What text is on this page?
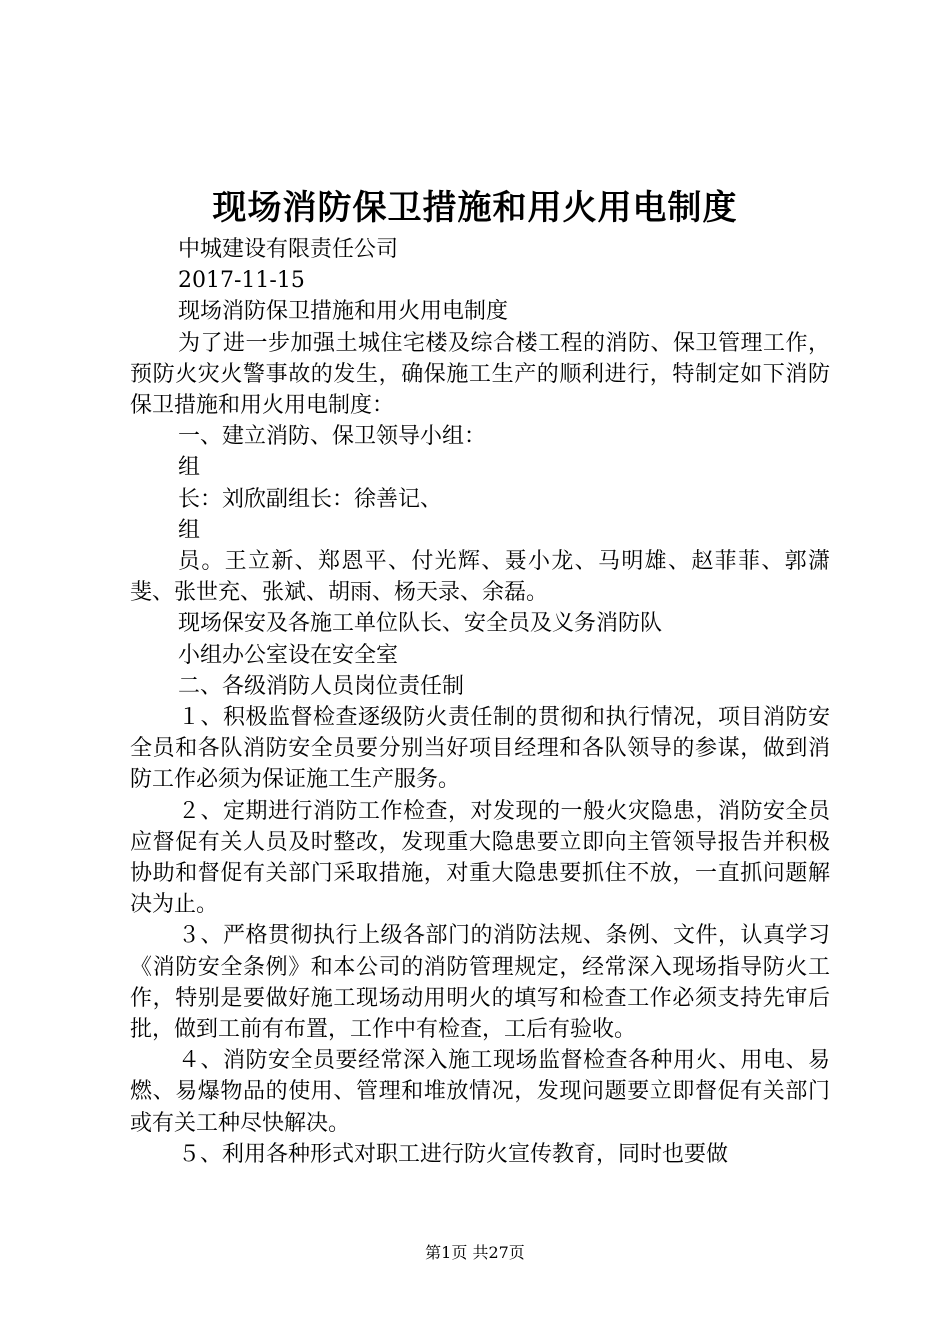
现场消防保卫措施和用火用电制度

中城建设有限责任公司

2017-11-15

现场消防保卫措施和用火用电制度

为了进一步加强土城住宅楼及综合楼工程的消防、保卫管理工作，预防火灾火警事故的发生，确保施工生产的顺利进行，特制定如下消防保卫措施和用火用电制度：

一、建立消防、保卫领导小组：

组

长：刘欣副组长：徐善记、

组

员。王立新、郑恩平、付光辉、聂小龙、马明雄、赵菲菲、郭潇斐、张世充、张斌、胡雨、杨天录、余磊。

现场保安及各施工单位队长、安全员及义务消防队

小组办公室设在安全室

二、各级消防人员岗位责任制

１、积极监督检查逐级防火责任制的贯彻和执行情况，项目消防安全员和各队消防安全员要分别当好项目经理和各队领导的参谋，做到消防工作必须为保证施工生产服务。

２、定期进行消防工作检查，对发现的一般火灾隐患，消防安全员应督促有关人员及时整改，发现重大隐患要立即向主管领导报告并积极协助和督促有关部门采取措施，对重大隐患要抓住不放，一直抓问题解决为止。

３、严格贯彻执行上级各部门的消防法规、条例、文件，认真学习《消防安全条例》和本公司的消防管理规定，经常深入现场指导防火工作，特别是要做好施工现场动用明火的填写和检查工作必须支持先审后批，做到工前有布置，工作中有检查，工后有验收。

４、消防安全员要经常深入施工现场监督检查各种用火、用电、易燃、易爆物品的使用、管理和堆放情况，发现问题要立即督促有关部门或有关工种尽快解决。

５、利用各种形式对职工进行防火宣传教育，同时也要做

第1页 共27页
